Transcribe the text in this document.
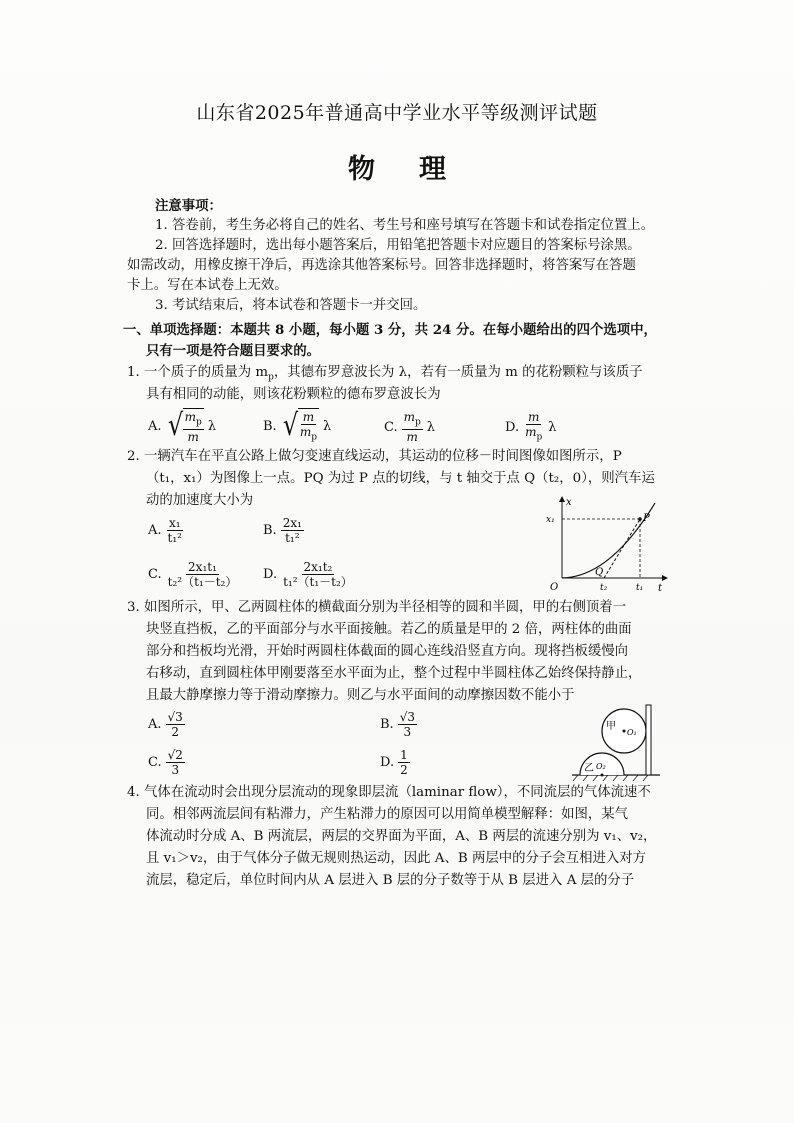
山东省2025年普通高中学业水平等级测评试题
物理
注意事项：
1. 答卷前，考生务必将自己的姓名、考生号和座号填写在答题卡和试卷指定位置上。
2. 回答选择题时，选出每小题答案后，用铅笔把答题卡对应题目的答案标号涂黑。
如需改动，用橡皮擦干净后，再选涂其他答案标号。回答非选择题时，将答案写在答题
卡上。写在本试卷上无效。
3. 考试结束后，将本试卷和答题卡一并交回。
一、单项选择题：本题共 8 小题，每小题 3 分，共 24 分。在每小题给出的四个选项中，
只有一项是符合题目要求的。
1. 一个质子的质量为 $m_p$，其德布罗意波长为 λ，若有一质量为 m 的花粉颗粒与该质子
具有相同的动能，则该花粉颗粒的德布罗意波长为
A. √ $\frac{m_p}{m}$ λ	B. √ $\frac{m}{m_p}$ λ	C. $\frac{m_p}{m}$ λ	D. $\frac{m}{m_p}$ λ
2. 一辆汽车在平直公路上做匀变速直线运动，其运动的位移－时间图像如图所示，P
（t₁，x₁）为图像上一点。PQ 为过 P 点的切线，与 t 轴交于点 Q（t₂，0），则汽车运
动的加速度大小为
A. $\frac{\text{x₁}}{\text{t₁²}}$	B. $\frac{\text{2x₁}}{\text{t₁²}}$
C. $\frac{\text{2x₁t₁}}{\text{t₂²（t₁－t₂）}} D$. $\frac{\text{2x₁t₂}}{\text{t₁²（t₁－t₂）}}$
x
t
O
x₁	P
Q
t₂	t₁
3. 如图所示，甲、乙两圆柱体的横截面分别为半径相等的圆和半圆，甲的右侧顶着一
块竖直挡板，乙的平面部分与水平面接触。若乙的质量是甲的 2 倍，两柱体的曲面
部分和挡板均光滑，开始时两圆柱体截面的圆心连线沿竖直方向。现将挡板缓慢向
右移动，直到圆柱体甲刚要落至水平面为止，整个过程中半圆柱体乙始终保持静止，
且最大静摩擦力等于滑动摩擦力。则乙与水平面间的动摩擦因数不能小于
A. $\frac{√3}{2}$	B. $\frac{√3}{3}$
C. $\frac{√2}{3}$	D. $\frac{1}{2}$
甲
O₁
乙 O₂
4. 气体在流动时会出现分层流动的现象即层流（laminar flow），不同流层的气体流速不
同。相邻两流层间有粘滞力，产生粘滞力的原因可以用简单模型解释：如图，某气
体流动时分成 A、B 两流层，两层的交界面为平面，A、B 两层的流速分别为 v₁、v₂，
且 v₁＞v₂，由于气体分子做无规则热运动，因此 A、B 两层中的分子会互相进入对方
流层，稳定后，单位时间内从 A 层进入 B 层的分子数等于从 B 层进入 A 层的分子
